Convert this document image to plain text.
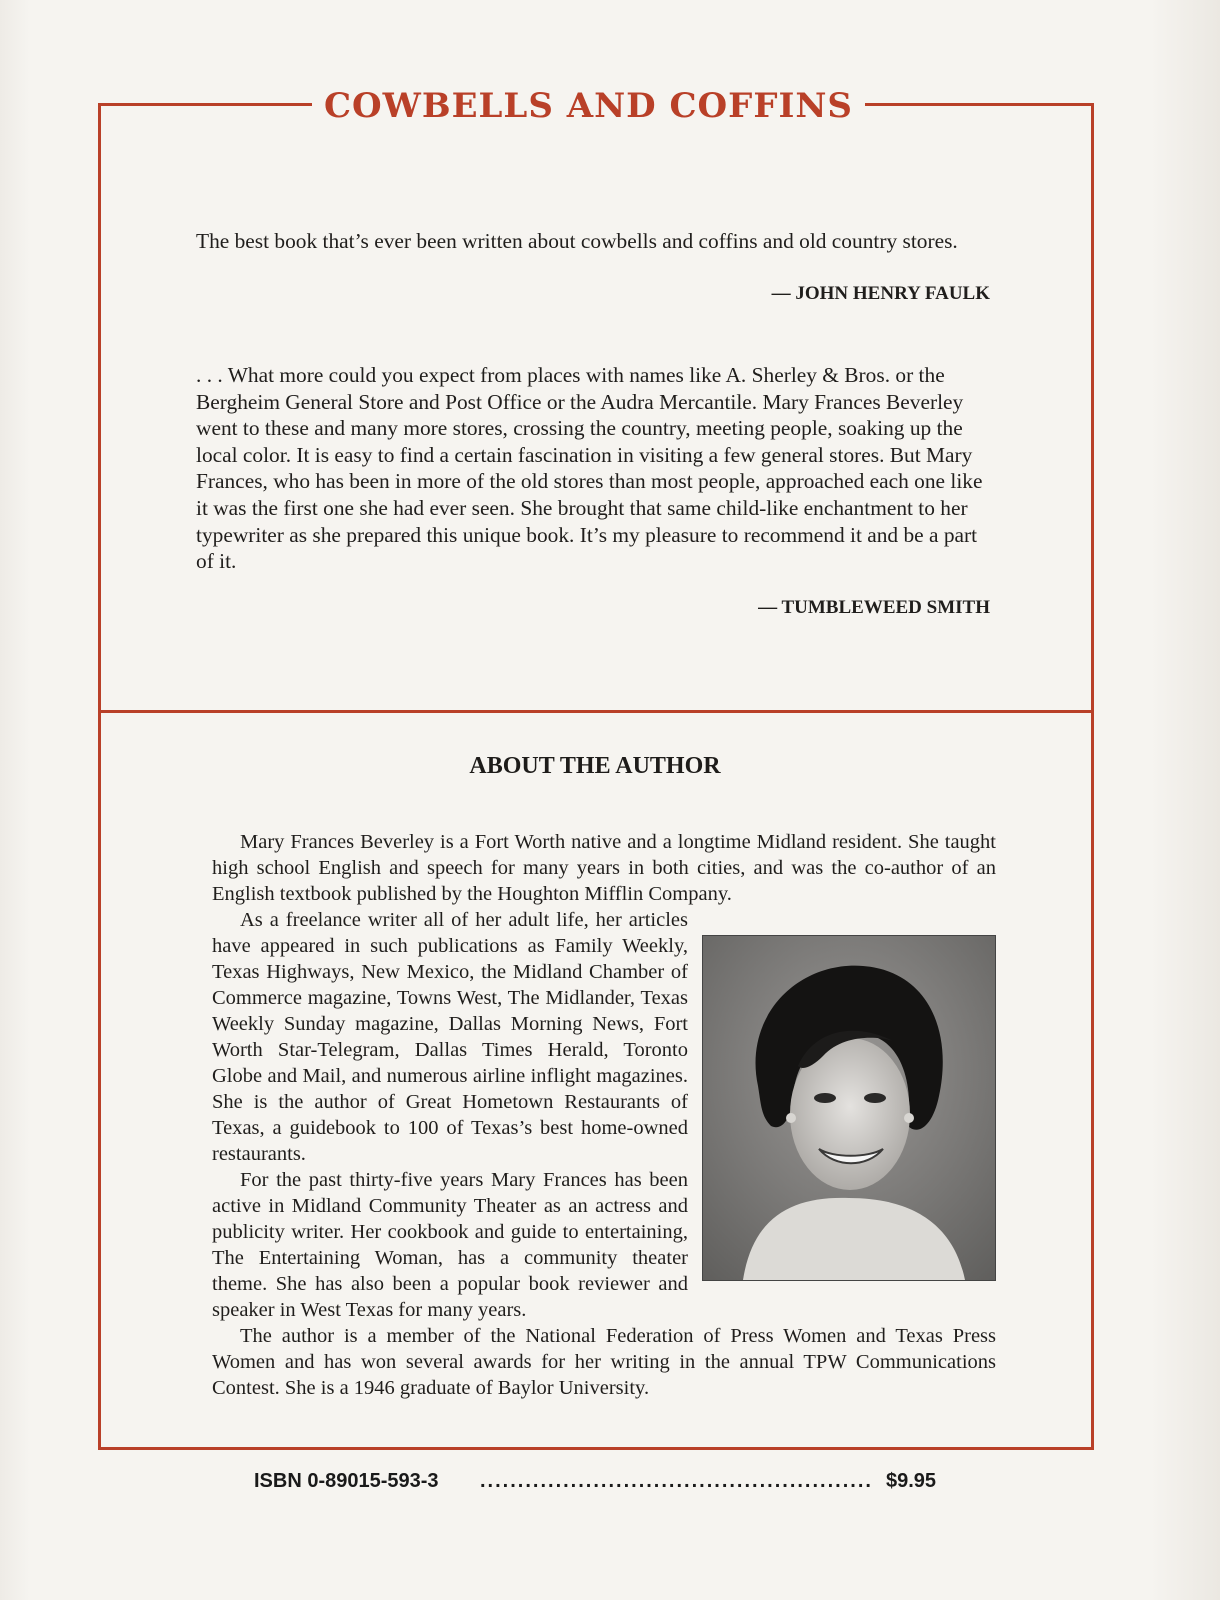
COWBELLS AND COFFINS
The best book that’s ever been written about cowbells and coffins and old country stores.
— JOHN HENRY FAULK
. . . What more could you expect from places with names like A. Sherley & Bros. or the Bergheim General Store and Post Office or the Audra Mercantile. Mary Frances Beverley went to these and many more stores, crossing the country, meeting people, soaking up the local color. It is easy to find a certain fascination in visiting a few general stores. But Mary Frances, who has been in more of the old stores than most people, approached each one like it was the first one she had ever seen. She brought that same child-like enchantment to her typewriter as she prepared this unique book. It’s my pleasure to recommend it and be a part of it.
— TUMBLEWEED SMITH
ABOUT THE AUTHOR

Mary Frances Beverley is a Fort Worth native and a longtime Midland resident. She taught high school English and speech for many years in both cities, and was the co-author of an English textbook published by the Houghton Mifflin Company.

As a freelance writer all of her adult life, her articles have appeared in such publications as Family Weekly, Texas Highways, New Mexico, the Midland Chamber of Commerce magazine, Towns West, The Midlander, Texas Weekly Sunday magazine, Dallas Morning News, Fort Worth Star-Telegram, Dallas Times Herald, Toronto Globe and Mail, and numerous airline inflight magazines. She is the author of Great Hometown Restaurants of Texas, a guidebook to 100 of Texas’s best home-owned restaurants.

For the past thirty-five years Mary Frances has been active in Midland Community Theater as an actress and publicity writer. Her cookbook and guide to entertaining, The Entertaining Woman, has a community theater theme. She has also been a popular book reviewer and speaker in West Texas for many years.

The author is a member of the National Federation of Press Women and Texas Press Women and has won several awards for her writing in the annual TPW Communications Contest. She is a 1946 graduate of Baylor University.

ISBN 0-89015-593-3 .................................................... $9.95
